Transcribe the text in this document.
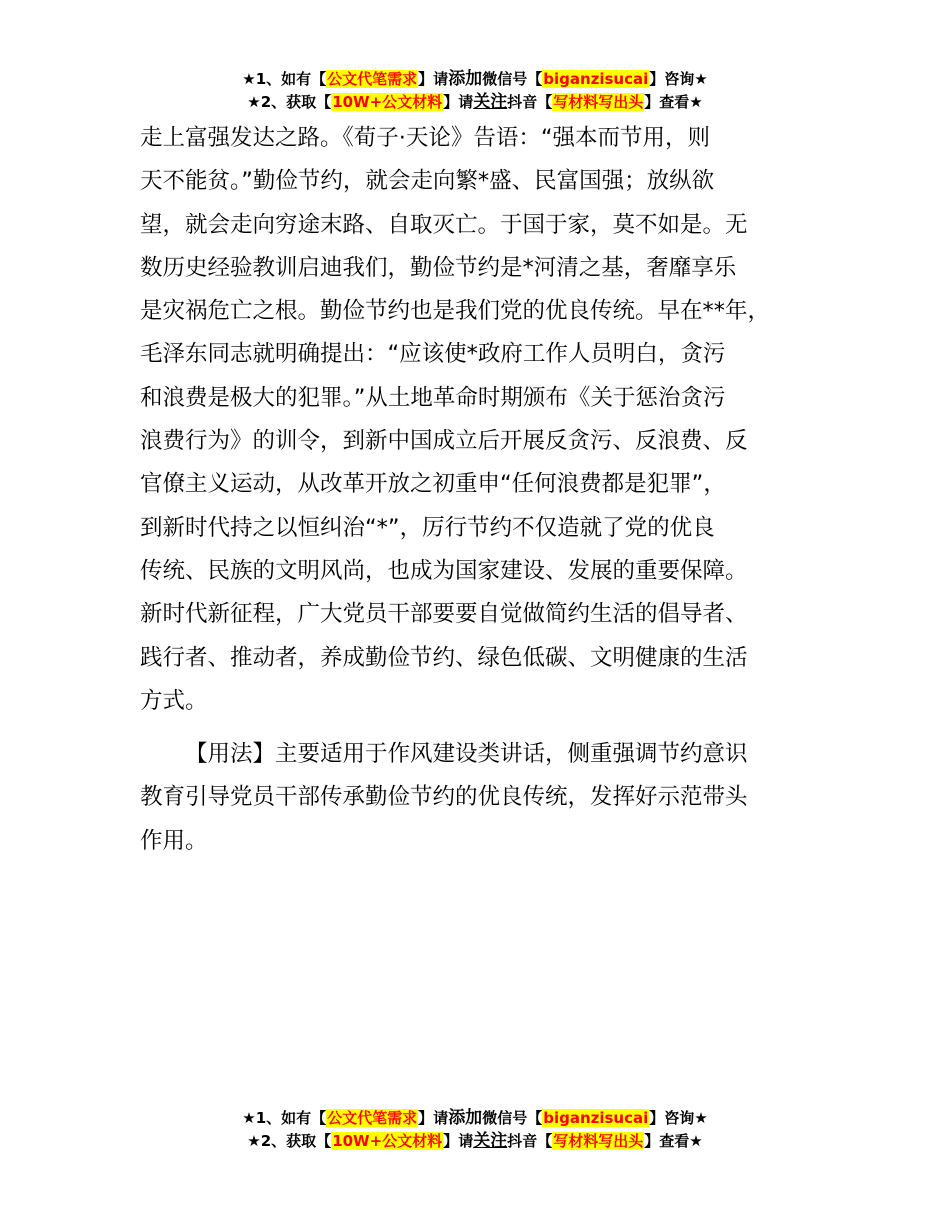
★1、如有【公文代笔需求】请添加微信号【biganzisucai】咨询★
★2、获取【10W+公文材料】请关注抖音【写材料写出头】查看★
走上富强发达之路。《荀子·天论》告语：“强本而节用，则
天不能贫。”勤俭节约，就会走向繁*盛、民富国强；放纵欲
望，就会走向穷途末路、自取灭亡。于国于家，莫不如是。无
数历史经验教训启迪我们，勤俭节约是*河清之基，奢靡享乐
是灾祸危亡之根。勤俭节约也是我们党的优良传统。早在**年，
毛泽东同志就明确提出：“应该使*政府工作人员明白，贪污
和浪费是极大的犯罪。”从土地革命时期颁布《关于惩治贪污
浪费行为》的训令，到新中国成立后开展反贪污、反浪费、反
官僚主义运动，从改革开放之初重申“任何浪费都是犯罪”，
到新时代持之以恒纠治“*”，厉行节约不仅造就了党的优良
传统、民族的文明风尚，也成为国家建设、发展的重要保障。
新时代新征程，广大党员干部要要自觉做简约生活的倡导者、
践行者、推动者，养成勤俭节约、绿色低碳、文明健康的生活
方式。
【用法】主要适用于作风建设类讲话，侧重强调节约意识
教育引导党员干部传承勤俭节约的优良传统，发挥好示范带头
作用。
★1、如有【公文代笔需求】请添加微信号【biganzisucai】咨询★
★2、获取【10W+公文材料】请关注抖音【写材料写出头】查看★
